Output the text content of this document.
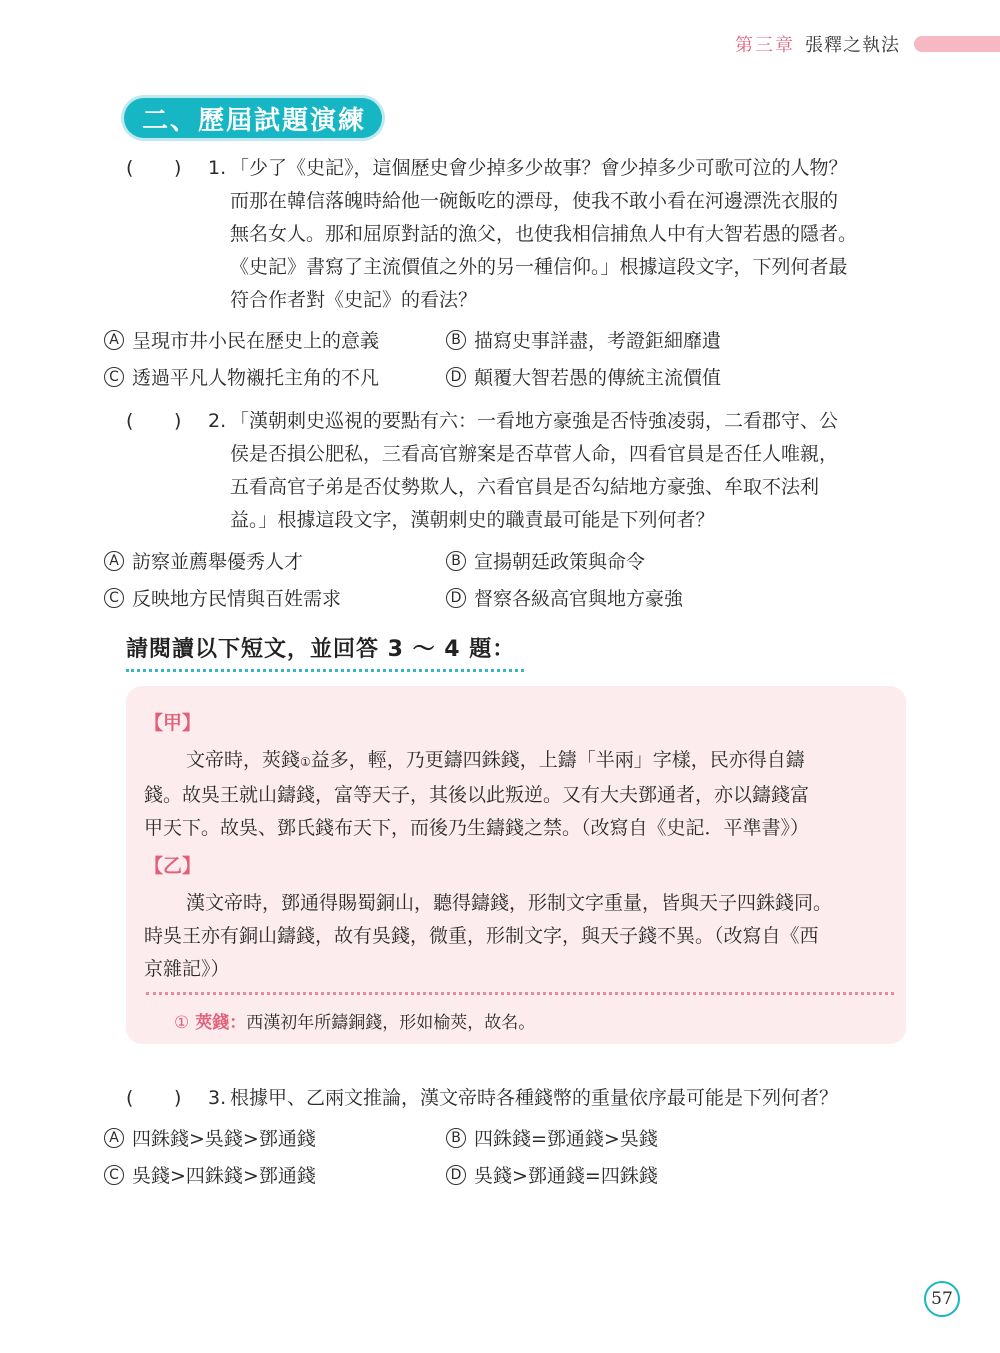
第三章 張釋之執法
二、歷屆試題演練
(	)	1. 「少了《史記》，這個歷史會少掉多少故事？會少掉多少可歌可泣的人物？
而那在韓信落魄時給他一碗飯吃的漂母，使我不敢小看在河邊漂洗衣服的
無名女人。那和屈原對話的漁父，也使我相信捕魚人中有大智若愚的隱者。
《史記》書寫了主流價值之外的另一種信仰。」根據這段文字，下列何者最
符合作者對《史記》的看法？
A 呈現市井小民在歷史上的意義	B 描寫史事詳盡，考證鉅細靡遺
C 透過平凡人物襯托主角的不凡	D 顛覆大智若愚的傳統主流價值
(	)	2. 「漢朝刺史巡視的要點有六：一看地方豪強是否恃強凌弱，二看郡守、公
侯是否損公肥私，三看高官辦案是否草菅人命，四看官員是否任人唯親，
五看高官子弟是否仗勢欺人，六看官員是否勾結地方豪強、牟取不法利
益。」根據這段文字，漢朝刺史的職責最可能是下列何者？
A 訪察並薦舉優秀人才	B 宣揚朝廷政策與命令
C 反映地方民情與百姓需求	D 督察各級高官與地方豪強
請閱讀以下短文，並回答 3 ～ 4 題：
【甲】
文帝時，莢錢①益多，輕，乃更鑄四銖錢，上鑄「半兩」字樣，民亦得自鑄
錢。故吳王就山鑄錢，富等天子，其後以此叛逆。又有大夫鄧通者，亦以鑄錢富
甲天下。故吳、鄧氏錢布天下，而後乃生鑄錢之禁。（改寫自《史記．平準書》）
【乙】
漢文帝時，鄧通得賜蜀銅山，聽得鑄錢，形制文字重量，皆與天子四銖錢同。
時吳王亦有銅山鑄錢，故有吳錢，微重，形制文字，與天子錢不異。（改寫自《西
京雜記》）
① 莢錢：西漢初年所鑄銅錢，形如榆莢，故名。
(	)	3. 根據甲、乙兩文推論，漢文帝時各種錢幣的重量依序最可能是下列何者？
A 四銖錢>吳錢>鄧通錢	B 四銖錢=鄧通錢>吳錢
C 吳錢>四銖錢>鄧通錢	D 吳錢>鄧通錢=四銖錢
57
